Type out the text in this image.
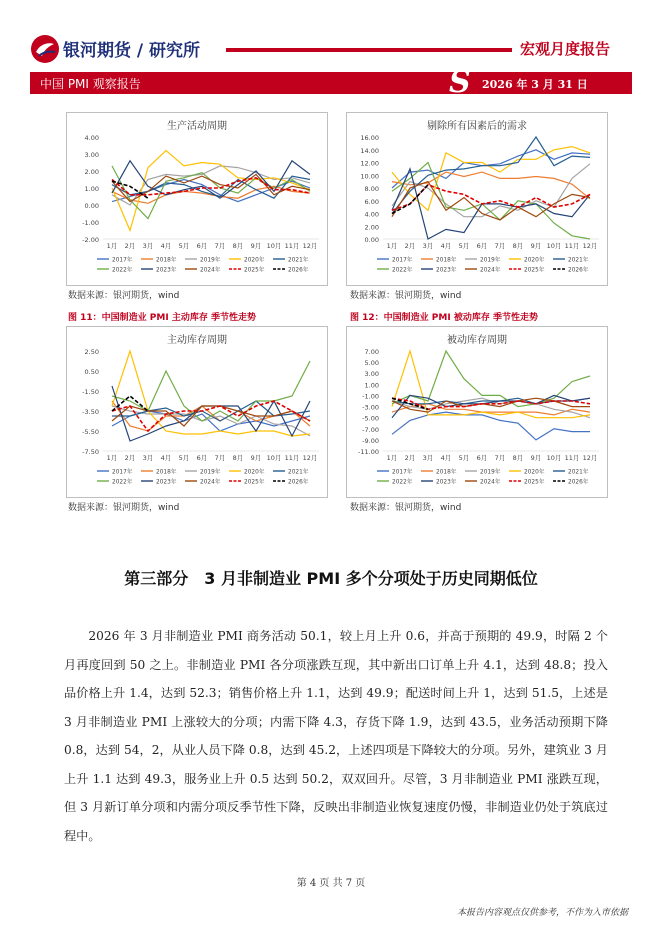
银河期货 / 研究所	宏观月度报告
中国 PMI 观察报告	S 2026 年 3 月 31 日
生产活动周期
4.00
3.00
2.00
1.00
0.00
-1.00
-2.00
1月 2月 3月 4月 5月 6月 7月 8月 9月 10月 11月 12月
2017年	2018年	2019年	2020年	2021年
2022年	2023年	2024年	2025年	2026年
剔除所有因素后的需求
16.00
14.00
12.00
10.00
8.00
6.00
4.00
2.00
0.00
1月 2月 3月 4月 5月 6月 7月 8月 9月 10月 11月 12月
2017年	2018年	2019年	2020年	2021年
2022年	2023年	2024年	2025年	2026年
数据来源：银河期货，wind	数据来源：银河期货，wind
图 11：中国制造业 PMI 主动库存 季节性走势	图 12：中国制造业 PMI 被动库存 季节性走势
主动库存周期
2.50
0.50
-1.50
-3.50
-5.50
-7.50
1月 2月 3月 4月 5月 6月 7月 8月 9月 10月 11月 12月
2017年	2018年	2019年	2020年	2021年
2022年	2023年	2024年	2025年	2026年
被动库存周期
7.00
5.00
3.00
1.00
-1.00
-3.00
-5.00
-7.00
-9.00
-11.00
1月 2月 3月 4月 5月 6月 7月 8月 9月 10月 11月 12月
2017年	2018年	2019年	2020年	2021年
2022年	2023年	2024年	2025年	2026年
数据来源：银河期货，wind	数据来源：银河期货，wind
第三部分　3 月非制造业 PMI 多个分项处于历史同期低位
2026 年 3 月非制造业 PMI 商务活动 50.1，较上月上升 0.6，并高于预期的 49.9，时隔 2 个月再度回到 50 之上。非制造业 PMI 各分项涨跌互现，其中新出口订单上升 4.1，达到 48.8；投入品价格上升 1.4，达到 52.3；销售价格上升 1.1，达到 49.9；配送时间上升 1，达到 51.5，上述是 3 月非制造业 PMI 上涨较大的分项；内需下降 4.3，存货下降 1.9，达到 43.5，业务活动预期下降 0.8，达到 54，2，从业人员下降 0.8，达到 45.2，上述四项是下降较大的分项。另外，建筑业 3 月上升 1.1 达到 49.3，服务业上升 0.5 达到 50.2，双双回升。尽管，3 月非制造业 PMI 涨跌互现，但 3 月新订单分项和内需分项反季节性下降，反映出非制造业恢复速度仍慢，非制造业仍处于筑底过程中。
第 4 页 共 7 页
本报告内容观点仅供参考，不作为入市依据
